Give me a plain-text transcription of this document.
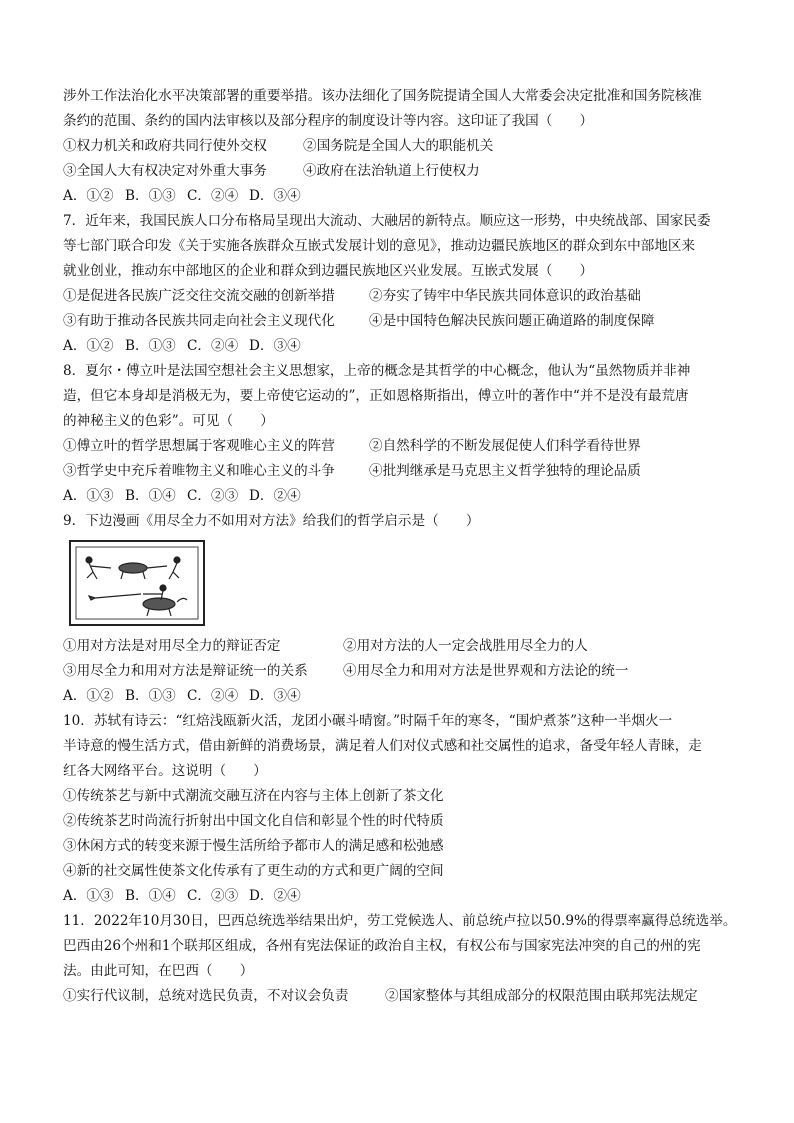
涉外工作法治化水平决策部署的重要举措。该办法细化了国务院提请全国人大常委会决定批准和国务院核准
条约的范围、条约的国内法审核以及部分程序的制度设计等内容。这印证了我国（　　）
①权力机关和政府共同行使外交权	②国务院是全国人大的职能机关
③全国人大有权决定对外重大事务	④政府在法治轨道上行使权力
A．①② B．①③ C．②④ D．③④
7．近年来，我国民族人口分布格局呈现出大流动、大融居的新特点。顺应这一形势，中央统战部、国家民委
等七部门联合印发《关于实施各族群众互嵌式发展计划的意见》，推动边疆民族地区的群众到东中部地区来
就业创业，推动东中部地区的企业和群众到边疆民族地区兴业发展。互嵌式发展（　　）
①是促进各民族广泛交往交流交融的创新举措	②夯实了铸牢中华民族共同体意识的政治基础
③有助于推动各民族共同走向社会主义现代化	④是中国特色解决民族问题正确道路的制度保障
A．①② B．①③ C．②④ D．③④
8．夏尔・傅立叶是法国空想社会主义思想家，上帝的概念是其哲学的中心概念，他认为“虽然物质并非神
造，但它本身却是消极无为，要上帝使它运动的”，正如恩格斯指出，傅立叶的著作中“并不是没有最荒唐
的神秘主义的色彩”。可见（　　）
①傅立叶的哲学思想属于客观唯心主义的阵营	②自然科学的不断发展促使人们科学看待世界
③哲学史中充斥着唯物主义和唯心主义的斗争	④批判继承是马克思主义哲学独特的理论品质
A．①③ B．①④ C．②③ D．②④
9．下边漫画《用尽全力不如用对方法》给我们的哲学启示是（　　）
①用对方法是对用尽全力的辩证否定	②用对方法的人一定会战胜用尽全力的人
③用尽全力和用对方法是辩证统一的关系	④用尽全力和用对方法是世界观和方法论的统一
A．①② B．①③ C．②④ D．③④
10．苏轼有诗云：“红焙浅瓯新火活，龙团小碾斗晴窗。”时隔千年的寒冬，“围炉煮茶”这种一半烟火一
半诗意的慢生活方式，借由新鲜的消费场景，满足着人们对仪式感和社交属性的追求，备受年轻人青睐，走
红各大网络平台。这说明（　　）
①传统茶艺与新中式潮流交融互济在内容与主体上创新了茶文化
②传统茶艺时尚流行折射出中国文化自信和彰显个性的时代特质
③休闲方式的转变来源于慢生活所给予都市人的满足感和松弛感
④新的社交属性使茶文化传承有了更生动的方式和更广阔的空间
A．①③ B．①④ C．②③ D．②④
11．2022年10月30日，巴西总统选举结果出炉，劳工党候选人、前总统卢拉以50.9%的得票率赢得总统选举。
巴西由26个州和1个联邦区组成，各州有宪法保证的政治自主权，有权公布与国家宪法冲突的自己的州的宪
法。由此可知，在巴西（　　）
①实行代议制，总统对选民负责，不对议会负责	②国家整体与其组成部分的权限范围由联邦宪法规定
